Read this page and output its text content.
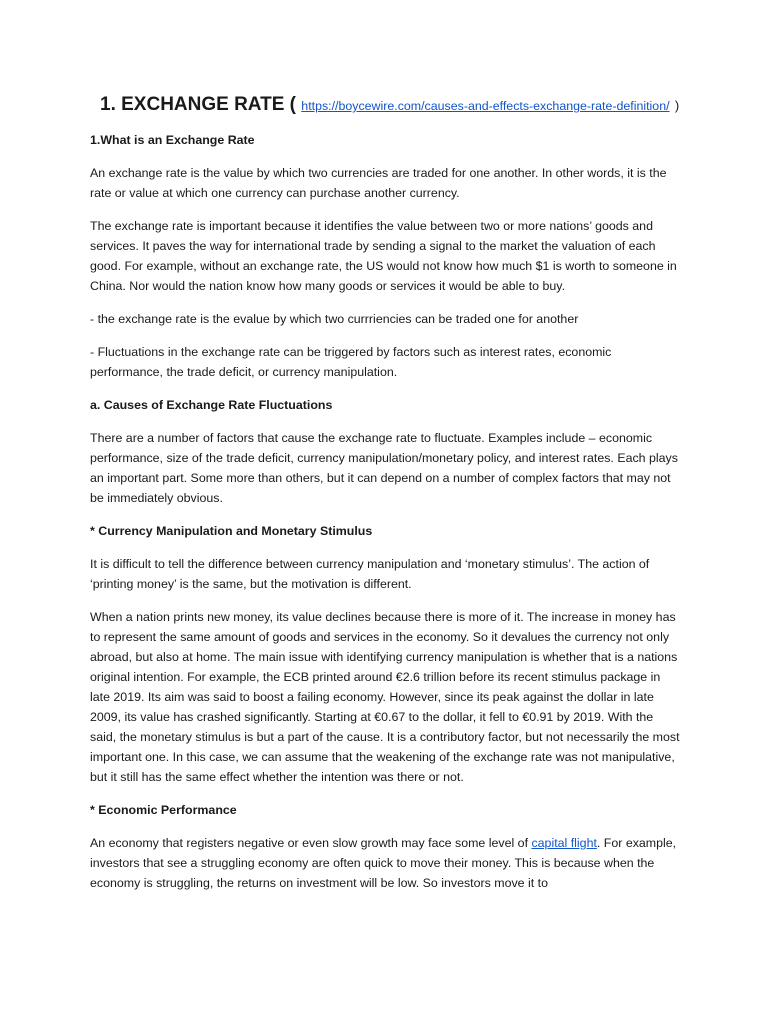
1. EXCHANGE RATE ( https://boycewire.com/causes-and-effects-exchange-rate-definition/ )
1.What is an Exchange Rate

An exchange rate is the value by which two currencies are traded for one another. In other words, it is the rate or value at which one currency can purchase another currency.

The exchange rate is important because it identifies the value between two or more nations’ goods and services. It paves the way for international trade by sending a signal to the market the valuation of each good. For example, without an exchange rate, the US would not know how much $1 is worth to someone in China. Nor would the nation know how many goods or services it would be able to buy.

- the exchange rate is the evalue by which two currriencies can be traded one for another

- Fluctuations in the exchange rate can be triggered by factors such as interest rates, economic performance, the trade deficit, or currency manipulation.

a. Causes of Exchange Rate Fluctuations

There are a number of factors that cause the exchange rate to fluctuate. Examples include – economic performance, size of the trade deficit, currency manipulation/monetary policy, and interest rates. Each plays an important part. Some more than others, but it can depend on a number of complex factors that may not be immediately obvious.

* Currency Manipulation and Monetary Stimulus

It is difficult to tell the difference between currency manipulation and ‘monetary stimulus’. The action of ‘printing money’ is the same, but the motivation is different.

When a nation prints new money, its value declines because there is more of it. The increase in money has to represent the same amount of goods and services in the economy. So it devalues the currency not only abroad, but also at home. The main issue with identifying currency manipulation is whether that is a nations original intention. For example, the ECB printed around €2.6 trillion before its recent stimulus package in late 2019. Its aim was said to boost a failing economy. However, since its peak against the dollar in late 2009, its value has crashed significantly. Starting at €0.67 to the dollar, it fell to €0.91 by 2019. With the said, the monetary stimulus is but a part of the cause. It is a contributory factor, but not necessarily the most important one. In this case, we can assume that the weakening of the exchange rate was not manipulative, but it still has the same effect whether the intention was there or not.

* Economic Performance

An economy that registers negative or even slow growth may face some level of capital flight. For example, investors that see a struggling economy are often quick to move their money. This is because when the economy is struggling, the returns on investment will be low. So investors move it to
